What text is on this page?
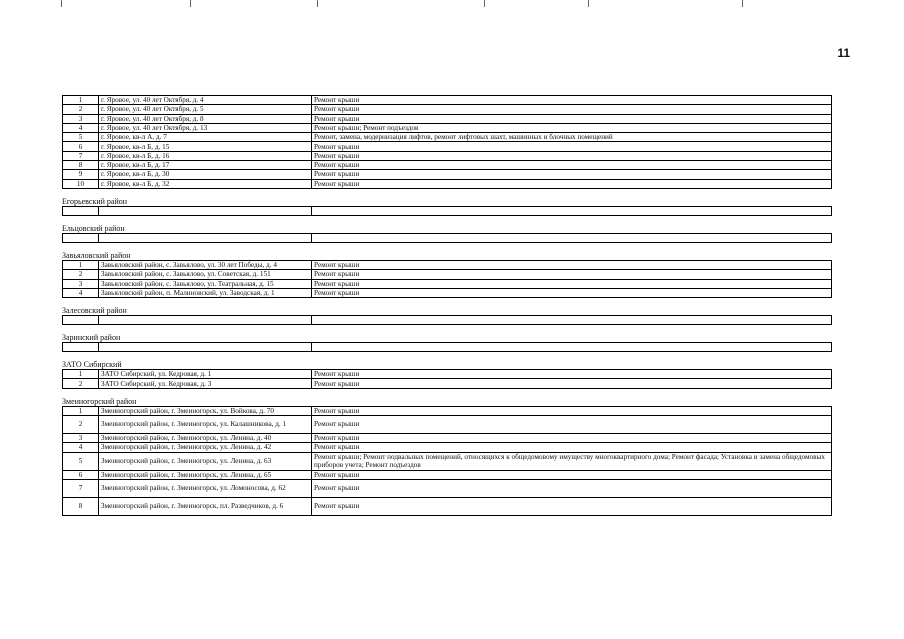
11
1	г. Яровое, ул. 40 лет Октября, д. 4	Ремонт крыши
2	г. Яровое, ул. 40 лет Октября, д. 5	Ремонт крыши
3	г. Яровое, ул. 40 лет Октября, д. 8	Ремонт крыши
4	г. Яровое, ул. 40 лет Октября, д. 13	Ремонт крыши; Ремонт подъездов
5	г. Яровое, кв-л А, д. 7	Ремонт, замена, модернизация лифтов, ремонт лифтовых шахт, машинных и блочных помещений
6	г. Яровое, кв-л Б, д. 15	Ремонт крыши
7	г. Яровое, кв-л Б, д. 16	Ремонт крыши
8	г. Яровое, кв-л Б, д. 17	Ремонт крыши
9	г. Яровое, кв-л Б, д. 30	Ремонт крыши
10	г. Яровое, кв-л Б, д. 32	Ремонт крыши
Егорьевский район

Ельцовский район

Завьяловский район
1	Завьяловский район, с. Завьялово, ул. 30 лет Победы, д. 4	Ремонт крыши
2	Завьяловский район, с. Завьялово, ул. Советская, д. 151	Ремонт крыши
3	Завьяловский район, с. Завьялово, ул. Театральная, д. 15	Ремонт крыши
4	Завьяловский район, п. Малиновский, ул. Заводская, д. 1	Ремонт крыши
Залесовский район

Заринский район

ЗАТО Сибирский
1	ЗАТО Сибирский, ул. Кедровая, д. 1	Ремонт крыши
2	ЗАТО Сибирский, ул. Кедровая, д. 3	Ремонт крыши
Змеиногорский район
1	Змеиногорский район, г. Змеиногорск, ул. Войкова, д. 70	Ремонт крыши
2	Змеиногорский район, г. Змеиногорск, ул. Калашникова, д. 1	Ремонт крыши
3	Змеиногорский район, г. Змеиногорск, ул. Ленина, д. 40	Ремонт крыши
4	Змеиногорский район, г. Змеиногорск, ул. Ленина, д. 42	Ремонт крыши
5	Змеиногорский район, г. Змеиногорск, ул. Ленина, д. 63	Ремонт крыши; Ремонт подвальных помещений, относящихся к общедомовому имуществу многоквартирного дома; Ремонт фасада; Установка и замена общедомовых приборов учета; Ремонт подъездов
6	Змеиногорский район, г. Змеиногорск, ул. Ленина, д. 65	Ремонт крыши
7	Змеиногорский район, г. Змеиногорск, ул. Ломоносова, д. 62	Ремонт крыши
8	Змеиногорский район, г. Змеиногорск, пл. Разведчиков, д. 6	Ремонт крыши
